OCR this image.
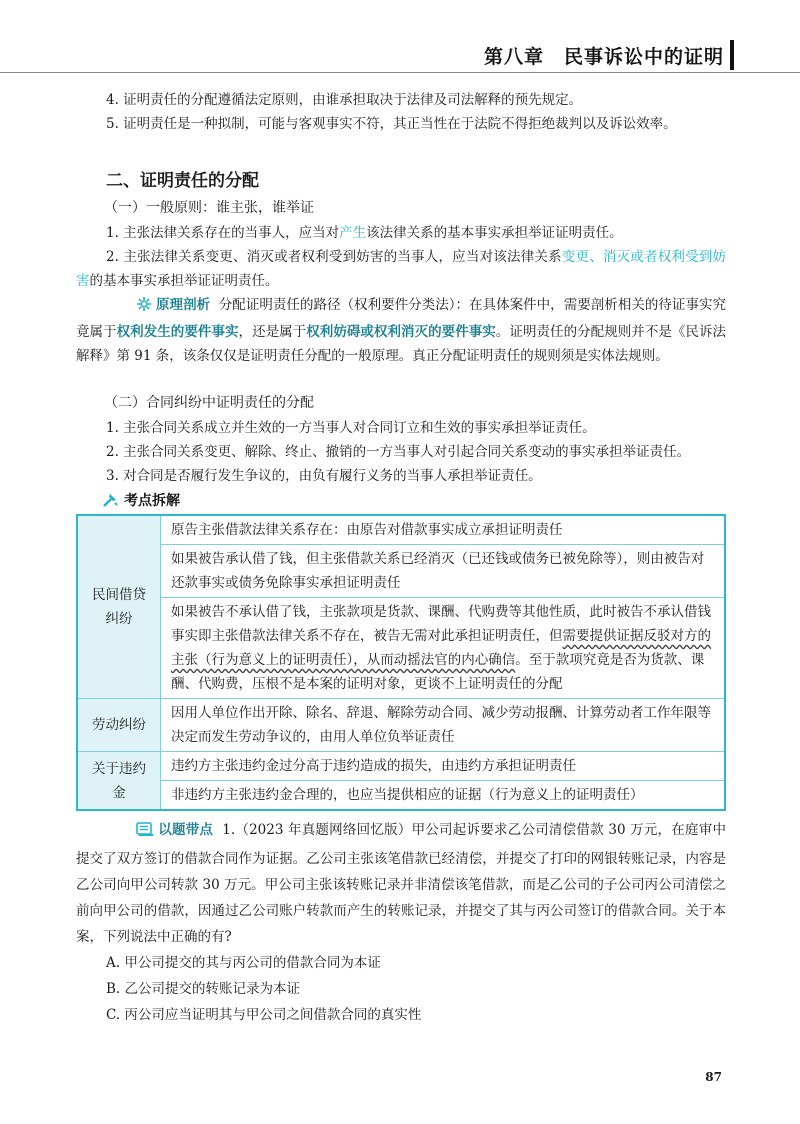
第八章　民事诉讼中的证明

4. 证明责任的分配遵循法定原则，由谁承担取决于法律及司法解释的预先规定。

5. 证明责任是一种拟制，可能与客观事实不符，其正当性在于法院不得拒绝裁判以及诉讼效率。

二、证明责任的分配
（一）一般原则：谁主张，谁举证

1. 主张法律关系存在的当事人，应当对产生该法律关系的基本事实承担举证证明责任。

2. 主张法律关系变更、消灭或者权利受到妨害的当事人，应当对该法律关系变更、消灭或者权利受到妨害的基本事实承担举证证明责任。

原理剖析 分配证明责任的路径（权利要件分类法）：在具体案件中，需要剖析相关的待证事实究竟属于权利发生的要件事实，还是属于权利妨碍或权利消灭的要件事实。证明责任的分配规则并不是《民诉法解释》第 91 条，该条仅仅是证明责任分配的一般原理。真正分配证明责任的规则须是实体法规则。

（二）合同纠纷中证明责任的分配

1. 主张合同关系成立并生效的一方当事人对合同订立和生效的事实承担举证责任。

2. 主张合同关系变更、解除、终止、撤销的一方当事人对引起合同关系变动的事实承担举证责任。

3. 对合同是否履行发生争议的，由负有履行义务的当事人承担举证责任。

考点拆解
民间借贷纠纷	原告主张借款法律关系存在：由原告对借款事实成立承担证明责任
	如果被告承认借了钱，但主张借款关系已经消灭（已还钱或债务已被免除等），则由被告对还款事实或债务免除事实承担证明责任
	如果被告不承认借了钱，主张款项是货款、课酬、代购费等其他性质，此时被告不承认借钱事实即主张借款法律关系不存在，被告无需对此承担证明责任，但需要提供证据反驳对方的主张（行为意义上的证明责任），从而动摇法官的内心确信。至于款项究竟是否为货款、课酬、代购费，压根不是本案的证明对象，更谈不上证明责任的分配
劳动纠纷	因用人单位作出开除、除名、辞退、解除劳动合同、减少劳动报酬、计算劳动者工作年限等决定而发生劳动争议的，由用人单位负举证责任
关于违约金	违约方主张违约金过分高于违约造成的损失，由违约方承担证明责任
	非违约方主张违约金合理的，也应当提供相应的证据（行为意义上的证明责任）

以题带点 1.（2023 年真题网络回忆版）甲公司起诉要求乙公司清偿借款 30 万元，在庭审中提交了双方签订的借款合同作为证据。乙公司主张该笔借款已经清偿，并提交了打印的网银转账记录，内容是乙公司向甲公司转款 30 万元。甲公司主张该转账记录并非清偿该笔借款，而是乙公司的子公司丙公司清偿之前向甲公司的借款，因通过乙公司账户转款而产生的转账记录，并提交了其与丙公司签订的借款合同。关于本案，下列说法中正确的有?

A. 甲公司提交的其与丙公司的借款合同为本证

B. 乙公司提交的转账记录为本证

C. 丙公司应当证明其与甲公司之间借款合同的真实性

87
